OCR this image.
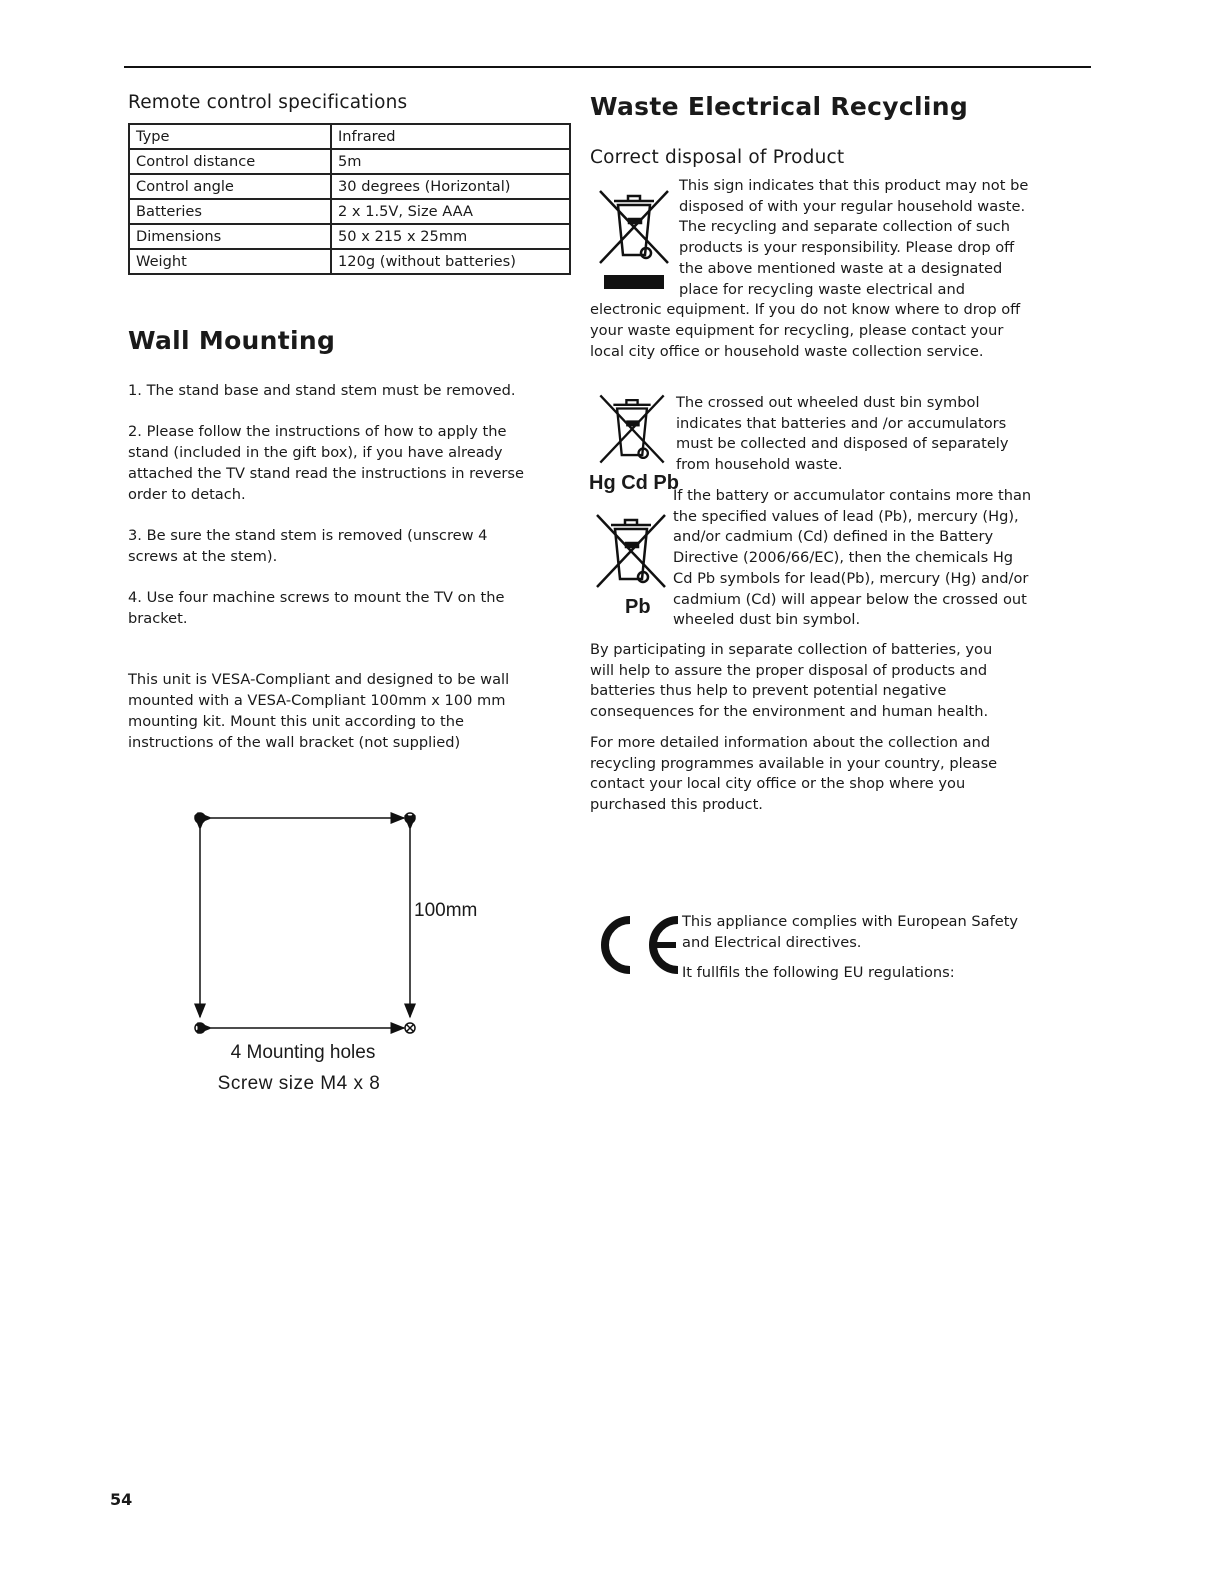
Remote control specifications
Type	Infrared
Control distance	5m
Control angle	30 degrees (Horizontal)
Batteries	2 x 1.5V, Size AAA
Dimensions	50 x 215 x 25mm
Weight	120g (without batteries)
Wall Mounting

1. The stand base and stand stem must be removed.

2. Please follow the instructions of how to apply the stand (included in the gift box), if you have already attached the TV stand read the instructions in reverse order to detach.

3. Be sure the stand stem is removed (unscrew 4 screws at the stem).

4. Use four machine screws to mount the TV on the bracket.

This unit is VESA-Compliant and designed to be wall mounted with a VESA-Compliant 100mm x 100 mm mounting kit. Mount this unit according to the instructions of the wall bracket (not supplied)

100mm
4 Mounting holes
Screw size M4 x 8
Waste Electrical Recycling
Correct disposal of Product

This sign indicates that this product may not be disposed of with your regular household waste. The recycling and separate collection of such products is your responsibility. Please drop off the above mentioned waste at a designated place for recycling waste electrical and electronic equipment. If you do not know where to drop off your waste equipment for recycling, please contact your local city office or household waste collection service.

Hg Cd Pb
The crossed out wheeled dust bin symbol indicates that batteries and /or accumulators must be collected and disposed of separately from household waste.
Pb
If the battery or accumulator contains more than the specified values of lead (Pb), mercury (Hg), and/or cadmium (Cd) defined in the Battery Directive (2006/66/EC), then the chemicals Hg Cd Pb symbols for lead(Pb), mercury (Hg) and/or cadmium (Cd) will appear below the crossed out wheeled dust bin symbol.
By participating in separate collection of batteries, you will help to assure the proper disposal of products and batteries thus help to prevent potential negative consequences for the environment and human health.
For more detailed information about the collection and recycling programmes available in your country, please contact your local city office or the shop where you purchased this product.
This appliance complies with European Safety and Electrical directives.
It fullfils the following EU regulations:
54
